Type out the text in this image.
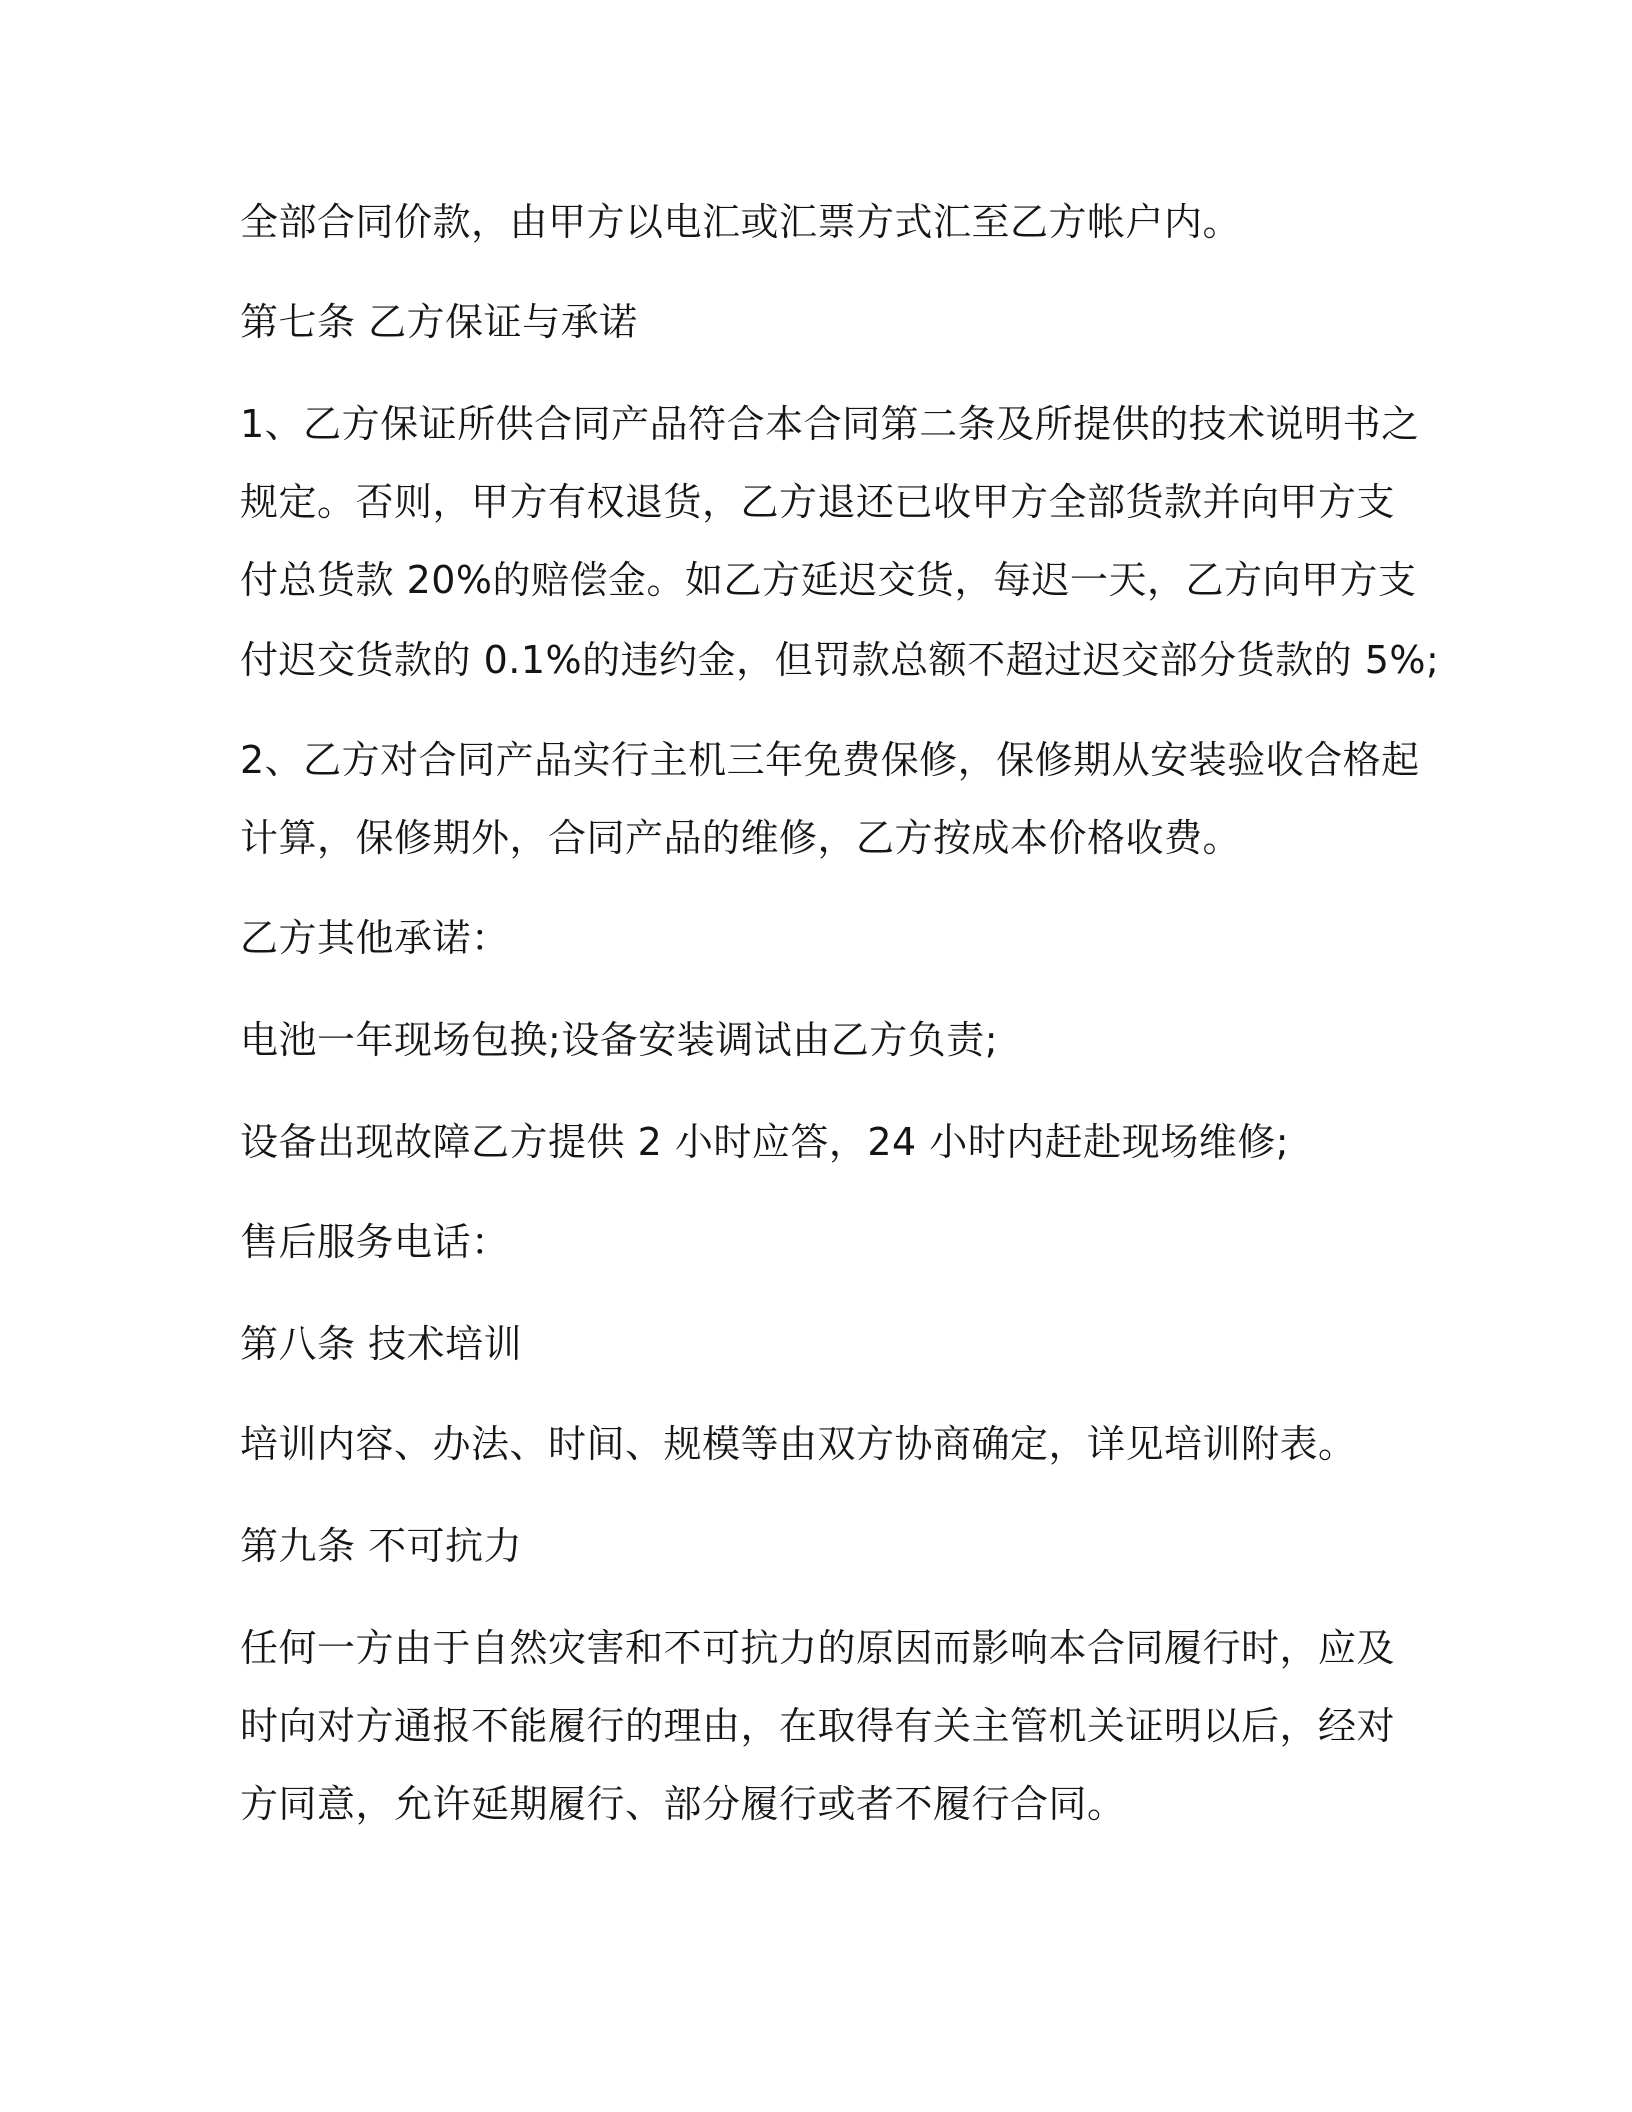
全部合同价款，由甲方以电汇或汇票方式汇至乙方帐户内。

第七条 乙方保证与承诺

1、乙方保证所供合同产品符合本合同第二条及所提供的技术说明书之

规定。否则，甲方有权退货，乙方退还已收甲方全部货款并向甲方支

付总货款 20%的赔偿金。如乙方延迟交货，每迟一天，乙方向甲方支

付迟交货款的 0.1%的违约金，但罚款总额不超过迟交部分货款的 5%;

2、乙方对合同产品实行主机三年免费保修，保修期从安装验收合格起

计算，保修期外，合同产品的维修，乙方按成本价格收费。

乙方其他承诺：

电池一年现场包换;设备安装调试由乙方负责;

设备出现故障乙方提供 2 小时应答，24 小时内赶赴现场维修;

售后服务电话：

第八条 技术培训

培训内容、办法、时间、规模等由双方协商确定，详见培训附表。

第九条 不可抗力

任何一方由于自然灾害和不可抗力的原因而影响本合同履行时，应及

时向对方通报不能履行的理由，在取得有关主管机关证明以后，经对

方同意，允许延期履行、部分履行或者不履行合同。
